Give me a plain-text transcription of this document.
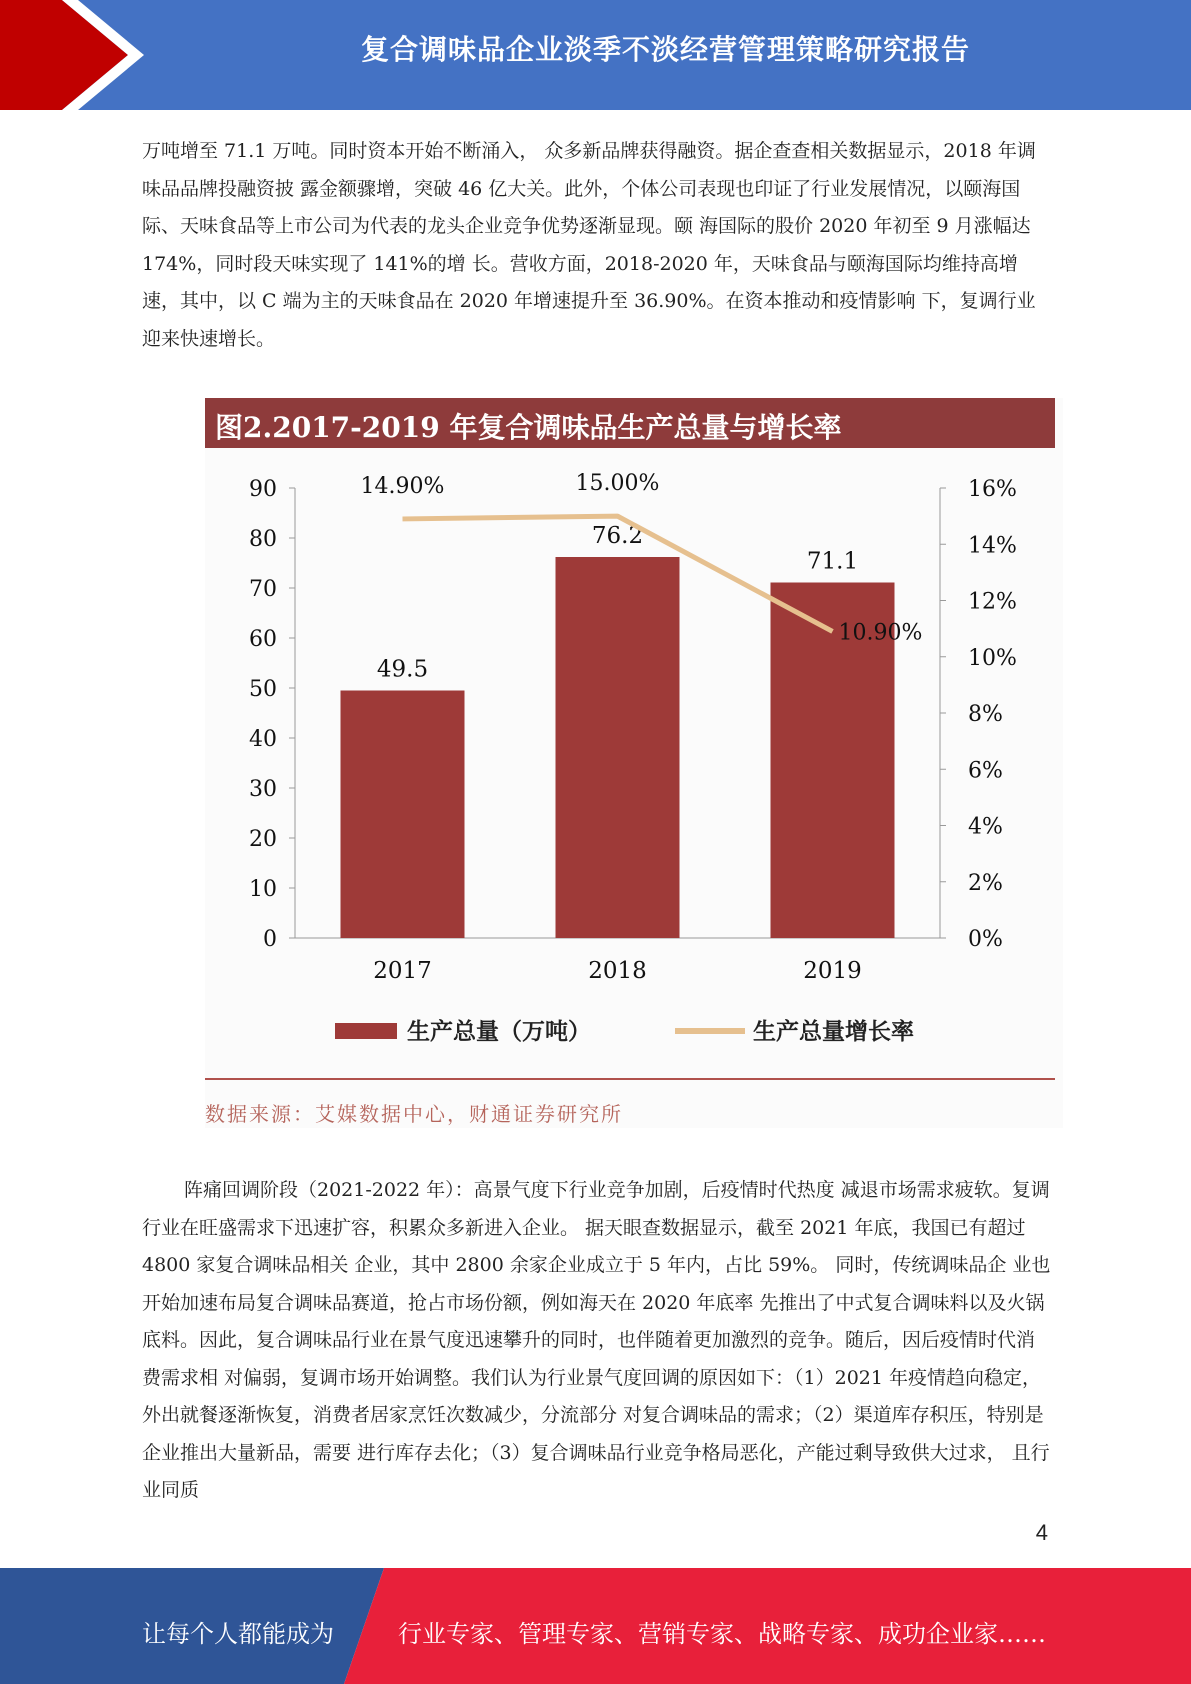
复合调味品企业淡季不淡经营管理策略研究报告
万吨增至 71.1 万吨。同时资本开始不断涌入， 众多新品牌获得融资。据企查查相关数据显示，2018 年调味品品牌投融资披 露金额骤增，突破 46 亿大关。此外，个体公司表现也印证了行业发展情况，以颐海国际、天味食品等上市公司为代表的龙头企业竞争优势逐渐显现。颐 海国际的股价 2020 年初至 9 月涨幅达 174%，同时段天味实现了 141%的增 长。营收方面，2018-2020 年，天味食品与颐海国际均维持高增速，其中，以 C 端为主的天味食品在 2020 年增速提升至 36.90%。在资本推动和疫情影响 下，复调行业迎来快速增长。
图2.2017-2019 年复合调味品生产总量与增长率
0
10
20
30
40
50
60
70
80
90
0%
2%
4%
6%
8%
10%
12%
14%
16%
49.5
2017
76.2
2018
71.1
2019
14.90%	15.00%
10.90%
生产总量（万吨）	生产总量增长率
数据来源：艾媒数据中心，财通证券研究所
阵痛回调阶段（2021-2022 年）：高景气度下行业竞争加剧，后疫情时代热度 减退市场需求疲软。复调行业在旺盛需求下迅速扩容，积累众多新进入企业。 据天眼查数据显示，截至 2021 年底，我国已有超过 4800 家复合调味品相关 企业，其中 2800 余家企业成立于 5 年内，占比 59%。 同时，传统调味品企 业也开始加速布局复合调味品赛道，抢占市场份额，例如海天在 2020 年底率 先推出了中式复合调味料以及火锅底料。因此，复合调味品行业在景气度迅速攀升的同时，也伴随着更加激烈的竞争。随后，因后疫情时代消费需求相 对偏弱，复调市场开始调整。我们认为行业景气度回调的原因如下：（1）2021 年疫情趋向稳定，外出就餐逐渐恢复，消费者居家烹饪次数减少，分流部分 对复合调味品的需求；（2）渠道库存积压，特别是企业推出大量新品，需要 进行库存去化；（3）复合调味品行业竞争格局恶化，产能过剩导致供大过求， 且行业同质
4
让每个人都能成为	行业专家、管理专家、营销专家、战略专家、成功企业家……
